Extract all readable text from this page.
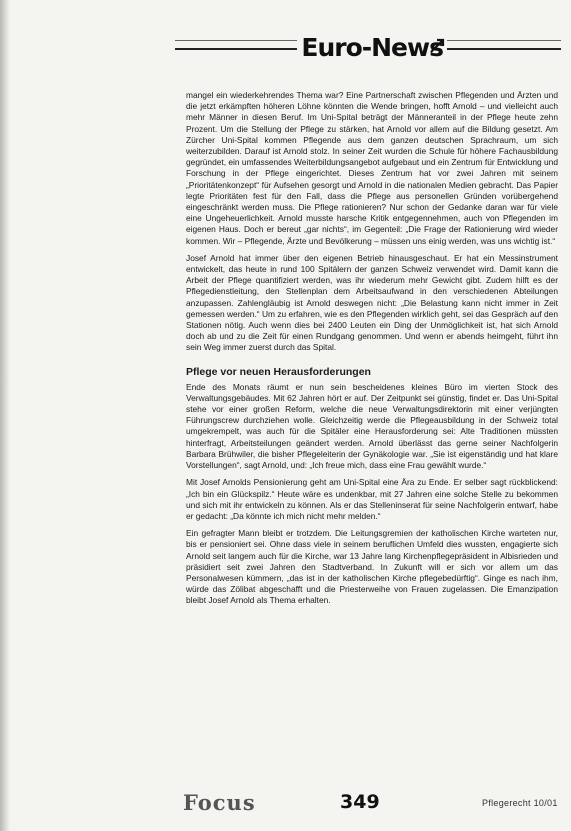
Euro-News

mangel ein wiederkehrendes Thema war? Eine Partnerschaft zwischen Pflegenden und Ärzten und die jetzt erkämpften höheren Löhne könnten die Wende bringen, hofft Arnold – und vielleicht auch mehr Männer in diesen Beruf. Im Uni-Spital beträgt der Männeranteil in der Pflege heute zehn Prozent. Um die Stellung der Pflege zu stärken, hat Arnold vor allem auf die Bildung gesetzt. Am Zürcher Uni-Spital kommen Pflegende aus dem ganzen deutschen Sprachraum, um sich weiterzubilden. Darauf ist Arnold stolz. In seiner Zeit wurden die Schule für höhere Fachausbildung gegründet, ein umfassendes Weiterbildungsangebot aufgebaut und ein Zentrum für Entwicklung und Forschung in der Pflege eingerichtet. Dieses Zentrum hat vor zwei Jahren mit seinem „Prioritätenkonzept“ für Aufsehen gesorgt und Arnold in die nationalen Medien gebracht. Das Papier legte Prioritäten fest für den Fall, dass die Pflege aus personellen Gründen vorübergehend eingeschränkt werden muss. Die Pflege rationieren? Nur schon der Gedanke daran war für viele eine Ungeheuerlichkeit. Arnold musste harsche Kritik entgegennehmen, auch von Pflegenden im eigenen Haus. Doch er bereut „gar nichts“, im Gegenteil: „Die Frage der Rationierung wird wieder kommen. Wir – Pflegende, Ärzte und Bevölkerung – müssen uns einig werden, was uns wichtig ist.“

Josef Arnold hat immer über den eigenen Betrieb hinausgeschaut. Er hat ein Messinstrument entwickelt, das heute in rund 100 Spitälern der ganzen Schweiz verwendet wird. Damit kann die Arbeit der Pflege quantifiziert werden, was ihr wiederum mehr Gewicht gibt. Zudem hilft es der Pflegedienstleitung, den Stellenplan dem Arbeitsaufwand in den verschiedenen Abteilungen anzupassen. Zahlengläubig ist Arnold deswegen nicht: „Die Belastung kann nicht immer in Zeit gemessen werden.“ Um zu erfahren, wie es den Pflegenden wirklich geht, sei das Gespräch auf den Stationen nötig. Auch wenn dies bei 2400 Leuten ein Ding der Unmöglichkeit ist, hat sich Arnold doch ab und zu die Zeit für einen Rundgang genommen. Und wenn er abends heimgeht, führt ihn sein Weg immer zuerst durch das Spital.

Pflege vor neuen Herausforderungen

Ende des Monats räumt er nun sein bescheidenes kleines Büro im vierten Stock des Verwaltungsgebäudes. Mit 62 Jahren hört er auf. Der Zeitpunkt sei günstig, findet er. Das Uni-Spital stehe vor einer großen Reform, welche die neue Verwaltungsdirektorin mit einer verjüngten Führungscrew durchziehen wolle. Gleichzeitig werde die Pflegeausbildung in der Schweiz total umgekrempelt, was auch für die Spitäler eine Herausforderung sei: Alte Traditionen müssten hinterfragt, Arbeitsteilungen geändert werden. Arnold überlässt das gerne seiner Nachfolgerin Barbara Brühwiler, die bisher Pflegeleiterin der Gynäkologie war. „Sie ist eigenständig und hat klare Vorstellungen“, sagt Arnold, und: „Ich freue mich, dass eine Frau gewählt wurde.“

Mit Josef Arnolds Pensionierung geht am Uni-Spital eine Ära zu Ende. Er selber sagt rückblickend: „Ich bin ein Glückspilz.“ Heute wäre es undenkbar, mit 27 Jahren eine solche Stelle zu bekommen und sich mit ihr entwickeln zu können. Als er das Stelleninserat für seine Nachfolgerin entwarf, habe er gedacht: „Da könnte ich mich nicht mehr melden.“

Ein gefragter Mann bleibt er trotzdem. Die Leitungsgremien der katholischen Kirche warteten nur, bis er pensioniert sei. Ohne dass viele in seinem beruflichen Umfeld dies wussten, engagierte sich Arnold seit langem auch für die Kirche, war 13 Jahre lang Kirchenpflegepräsident in Albisrieden und präsidiert seit zwei Jahren den Stadtverband. In Zukunft will er sich vor allem um das Personalwesen kümmern, „das ist in der katholischen Kirche pflegebedürftig“. Ginge es nach ihm, würde das Zölibat abgeschafft und die Priesterweihe von Frauen zugelassen. Die Emanzipation bleibt Josef Arnold als Thema erhalten.

Focus	349	Pflegerecht 10/01
